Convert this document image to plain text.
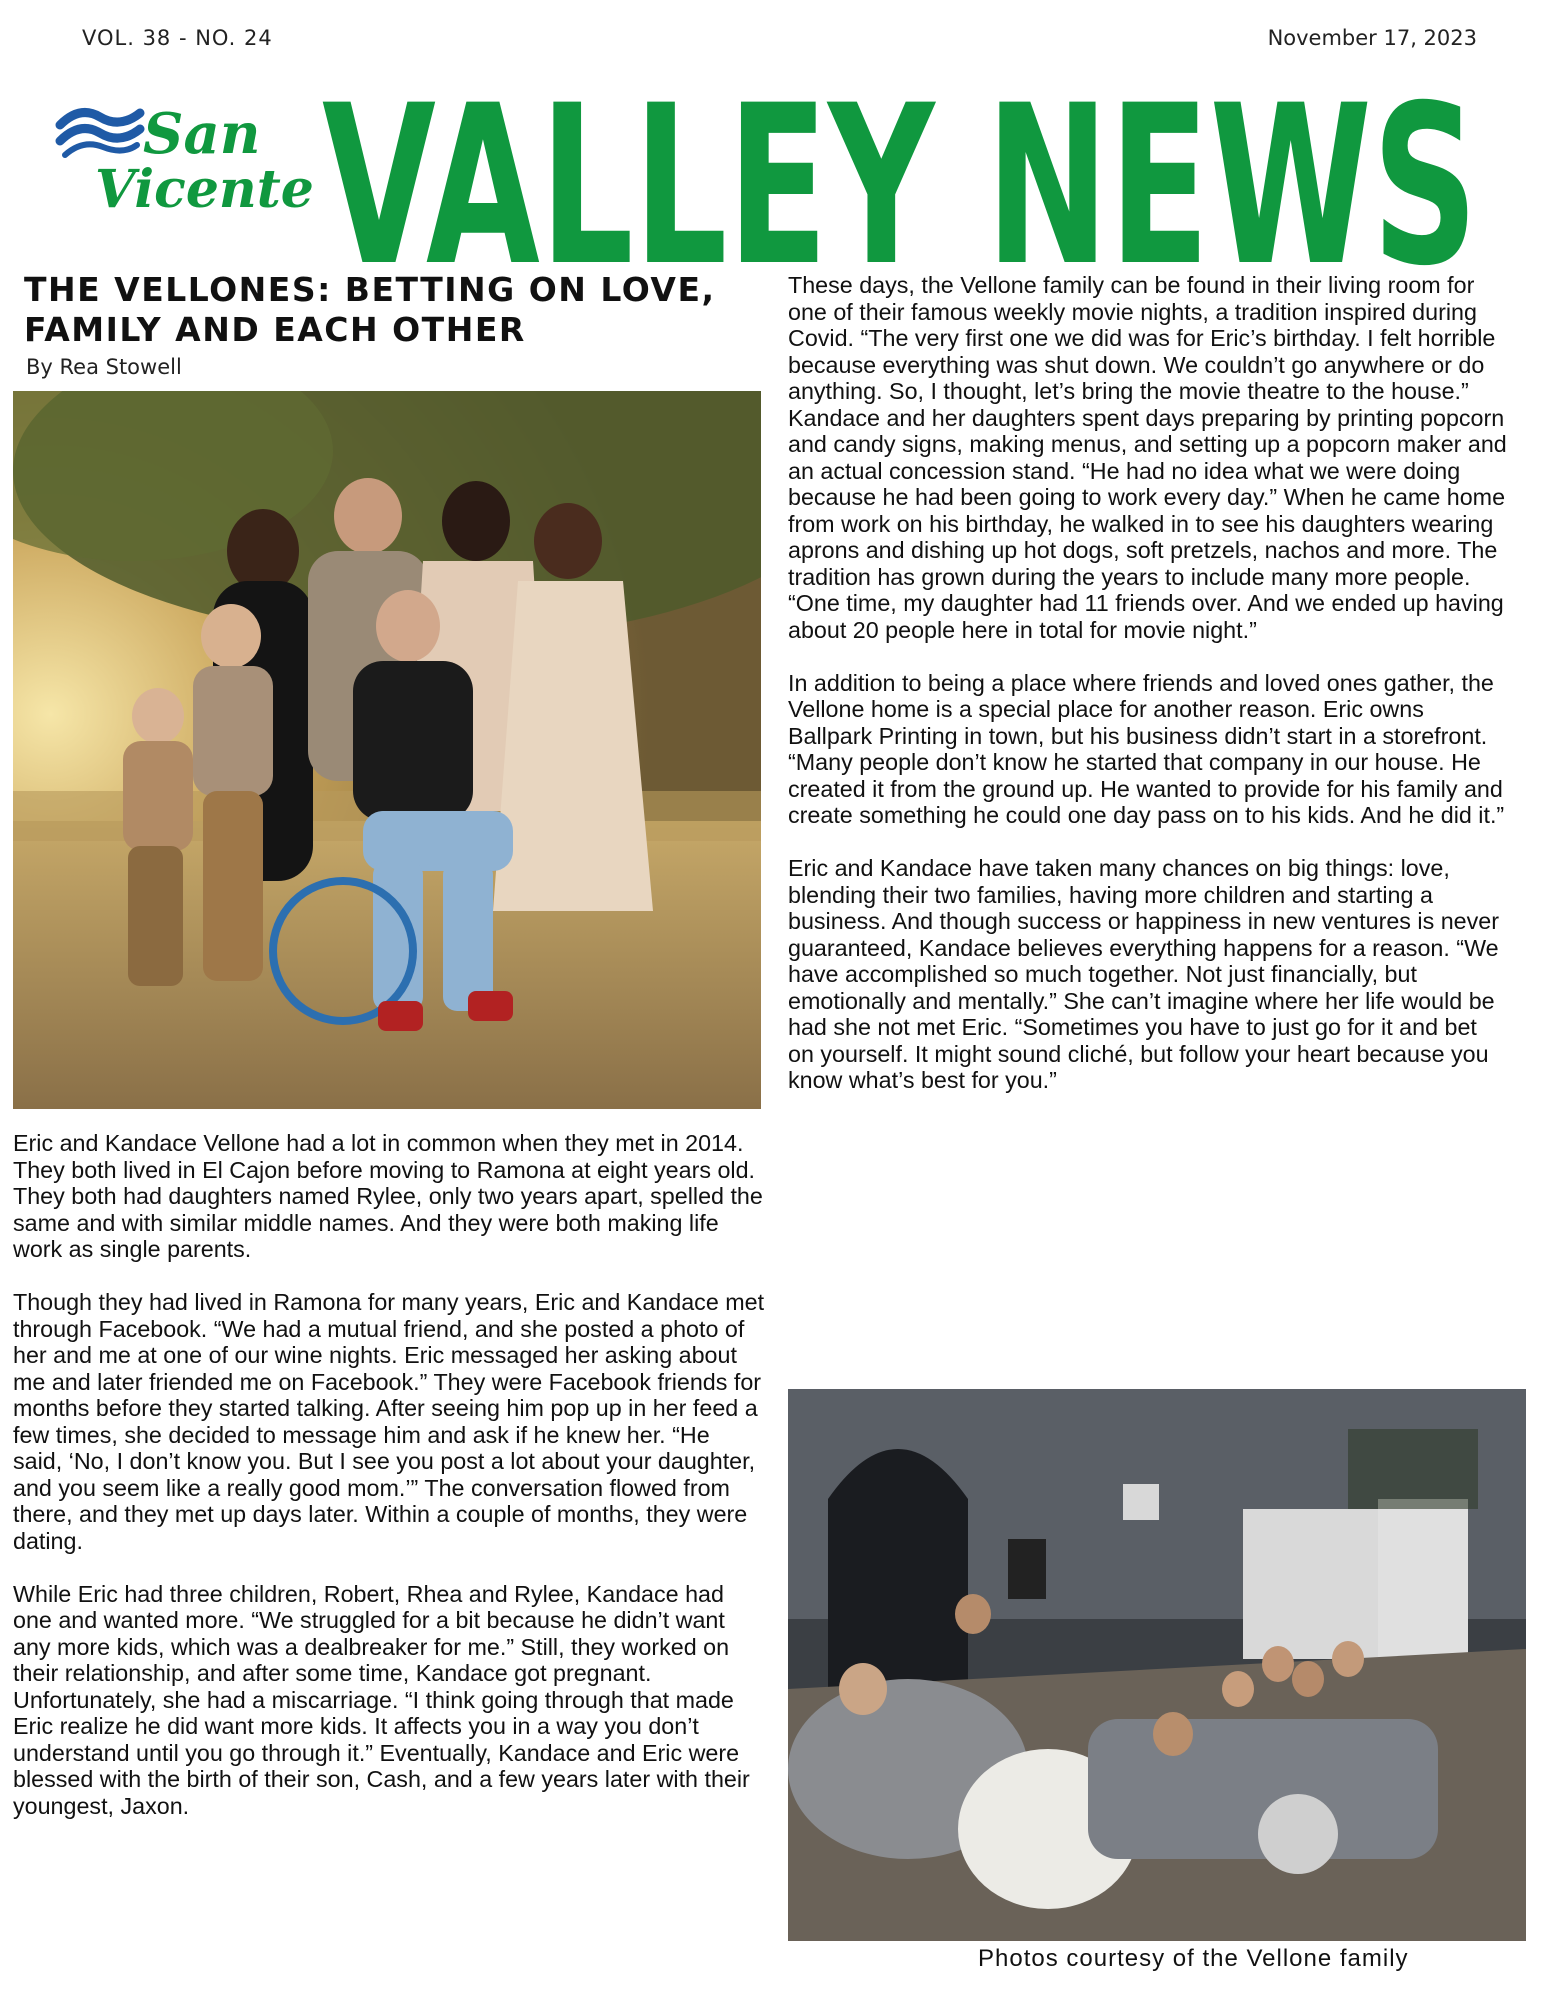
VOL. 38 - NO. 24	November 17, 2023
San
Vicente VALLEY NEWS
THE VELLONES: BETTING ON LOVE, FAMILY AND EACH OTHER
By Rea Stowell

Eric and Kandace Vellone had a lot in common when they met in 2014. They both lived in El Cajon before moving to Ramona at eight years old. They both had daughters named Rylee, only two years apart, spelled the same and with similar middle names. And they were both making life work as single parents.

Though they had lived in Ramona for many years, Eric and Kandace met through Facebook. “We had a mutual friend, and she posted a photo of her and me at one of our wine nights. Eric messaged her asking about me and later friended me on Facebook.” They were Facebook friends for months before they started talking. After seeing him pop up in her feed a few times, she decided to message him and ask if he knew her. “He said, ‘No, I don’t know you. But I see you post a lot about your daughter, and you seem like a really good mom.’” The conversation flowed from there, and they met up days later. Within a couple of months, they were dating.

While Eric had three children, Robert, Rhea and Rylee, Kandace had one and wanted more. “We struggled for a bit because he didn’t want any more kids, which was a dealbreaker for me.” Still, they worked on their relationship, and after some time, Kandace got pregnant. Unfortunately, she had a miscarriage. “I think going through that made Eric realize he did want more kids. It affects you in a way you don’t understand until you go through it.” Eventually, Kandace and Eric were blessed with the birth of their son, Cash, and a few years later with their youngest, Jaxon.

These days, the Vellone family can be found in their living room for one of their famous weekly movie nights, a tradition inspired during Covid. “The very first one we did was for Eric’s birthday. I felt horrible because everything was shut down. We couldn’t go anywhere or do anything. So, I thought, let’s bring the movie theatre to the house.” Kandace and her daughters spent days preparing by printing popcorn and candy signs, making menus, and setting up a popcorn maker and an actual concession stand. “He had no idea what we were doing because he had been going to work every day.” When he came home from work on his birthday, he walked in to see his daughters wearing aprons and dishing up hot dogs, soft pretzels, nachos and more. The tradition has grown during the years to include many more people. “One time, my daughter had 11 friends over. And we ended up having about 20 people here in total for movie night.”

In addition to being a place where friends and loved ones gather, the Vellone home is a special place for another reason. Eric owns Ballpark Printing in town, but his business didn’t start in a storefront. “Many people don’t know he started that company in our house. He created it from the ground up. He wanted to provide for his family and create something he could one day pass on to his kids. And he did it.”

Eric and Kandace have taken many chances on big things: love, blending their two families, having more children and starting a business. And though success or happiness in new ventures is never guaranteed, Kandace believes everything happens for a reason. “We have accomplished so much together. Not just financially, but emotionally and mentally.” She can’t imagine where her life would be had she not met Eric. “Sometimes you have to just go for it and bet on yourself. It might sound cliché, but follow your heart because you know what’s best for you.”

Photos courtesy of the Vellone family
